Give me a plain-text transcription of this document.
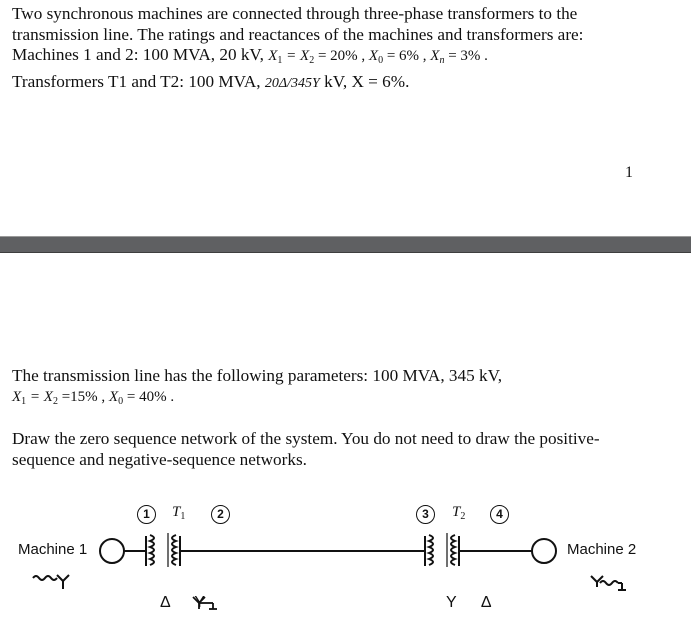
Two synchronous machines are connected through three-phase transformers to the
transmission line. The ratings and reactances of the machines and transformers are:
Machines 1 and 2: 100 MVA, 20 kV, $X_1 = X_2 = 20\%$ , $X_0 = 6\%$ , $X_n = 3\%$ .
Transformers T1 and T2: 100 MVA, 20Δ/345Y kV, X = 6%.
1
The transmission line has the following parameters: 100 MVA, 345 kV,
$X_1 = X_2 =15\%$ , $X_0 = 40\%$ .
Draw the zero sequence network of the system. You do not need to draw the positive-
sequence and negative-sequence networks.
Machine 1	Machine 2
1	$T_1$	2	3	$T_2$	4
Δ Y	Y Δ
